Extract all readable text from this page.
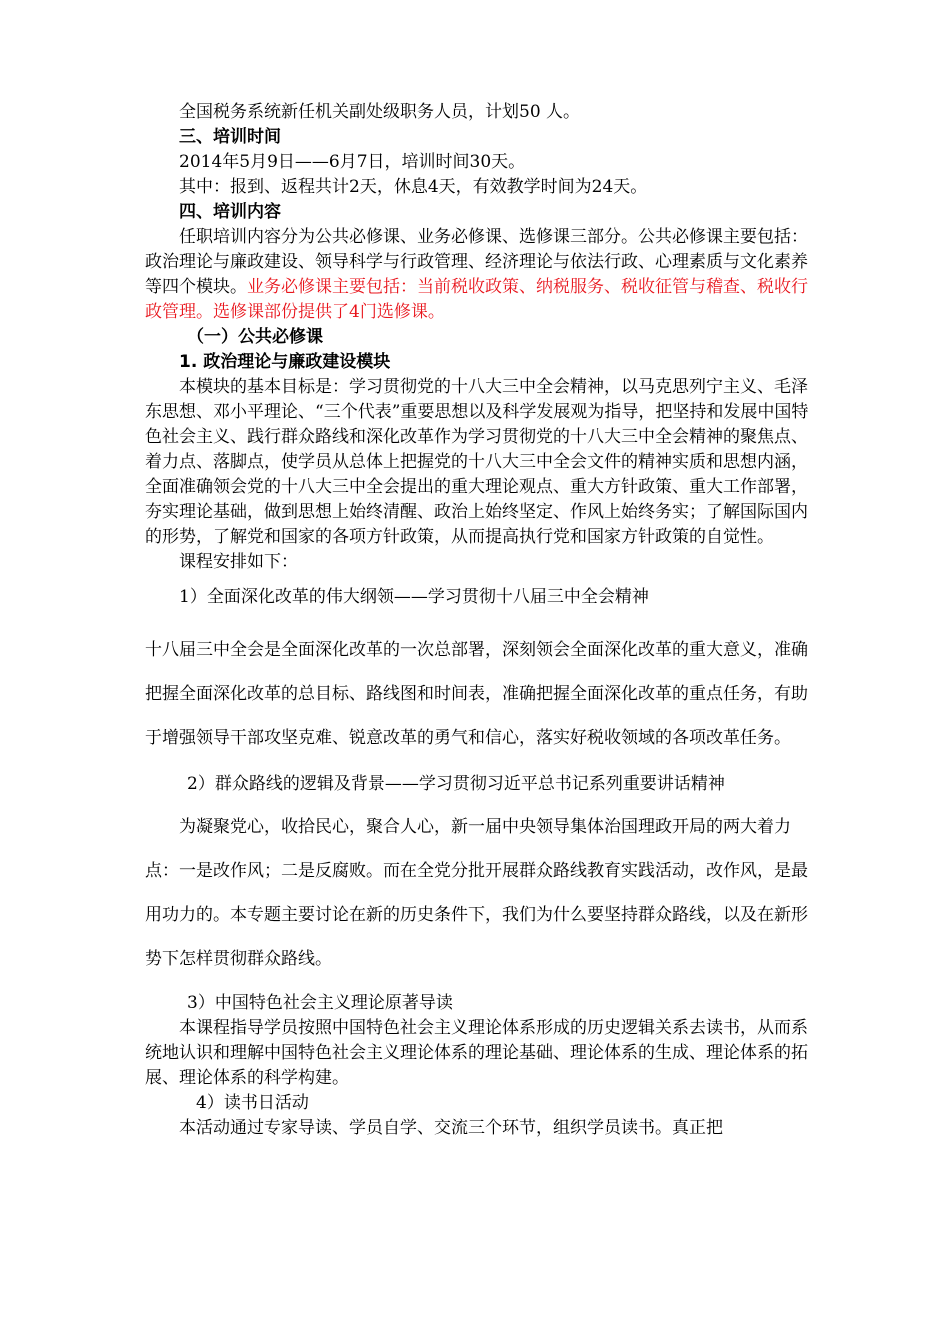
全国税务系统新任机关副处级职务人员，计划50 人。

三、培训时间

2014年5月9日——6月7日，培训时间30天。

其中：报到、返程共计2天，休息4天，有效教学时间为24天。

四、培训内容

任职培训内容分为公共必修课、业务必修课、选修课三部分。公共必修课主要包括：政治理论与廉政建设、领导科学与行政管理、经济理论与依法行政、心理素质与文化素养等四个模块。业务必修课主要包括：当前税收政策、纳税服务、税收征管与稽查、税收行政管理。选修课部份提供了4门选修课。

（一）公共必修课

1. 政治理论与廉政建设模块

本模块的基本目标是：学习贯彻党的十八大三中全会精神，以马克思列宁主义、毛泽东思想、邓小平理论、“三个代表”重要思想以及科学发展观为指导，把坚持和发展中国特色社会主义、践行群众路线和深化改革作为学习贯彻党的十八大三中全会精神的聚焦点、着力点、落脚点，使学员从总体上把握党的十八大三中全会文件的精神实质和思想内涵，全面准确领会党的十八大三中全会提出的重大理论观点、重大方针政策、重大工作部署，夯实理论基础，做到思想上始终清醒、政治上始终坚定、作风上始终务实；了解国际国内的形势，了解党和国家的各项方针政策，从而提高执行党和国家方针政策的自觉性。

课程安排如下：

1）全面深化改革的伟大纲领——学习贯彻十八届三中全会精神

十八届三中全会是全面深化改革的一次总部署，深刻领会全面深化改革的重大意义，准确把握全面深化改革的总目标、路线图和时间表，准确把握全面深化改革的重点任务，有助于增强领导干部攻坚克难、锐意改革的勇气和信心，落实好税收领域的各项改革任务。

2）群众路线的逻辑及背景——学习贯彻习近平总书记系列重要讲话精神

为凝聚党心，收拾民心，聚合人心，新一届中央领导集体治国理政开局的两大着力点：一是改作风；二是反腐败。而在全党分批开展群众路线教育实践活动，改作风，是最用功力的。本专题主要讨论在新的历史条件下，我们为什么要坚持群众路线，以及在新形势下怎样贯彻群众路线。

3）中国特色社会主义理论原著导读

本课程指导学员按照中国特色社会主义理论体系形成的历史逻辑关系去读书，从而系统地认识和理解中国特色社会主义理论体系的理论基础、理论体系的生成、理论体系的拓展、理论体系的科学构建。

4）读书日活动

本活动通过专家导读、学员自学、交流三个环节，组织学员读书。真正把
